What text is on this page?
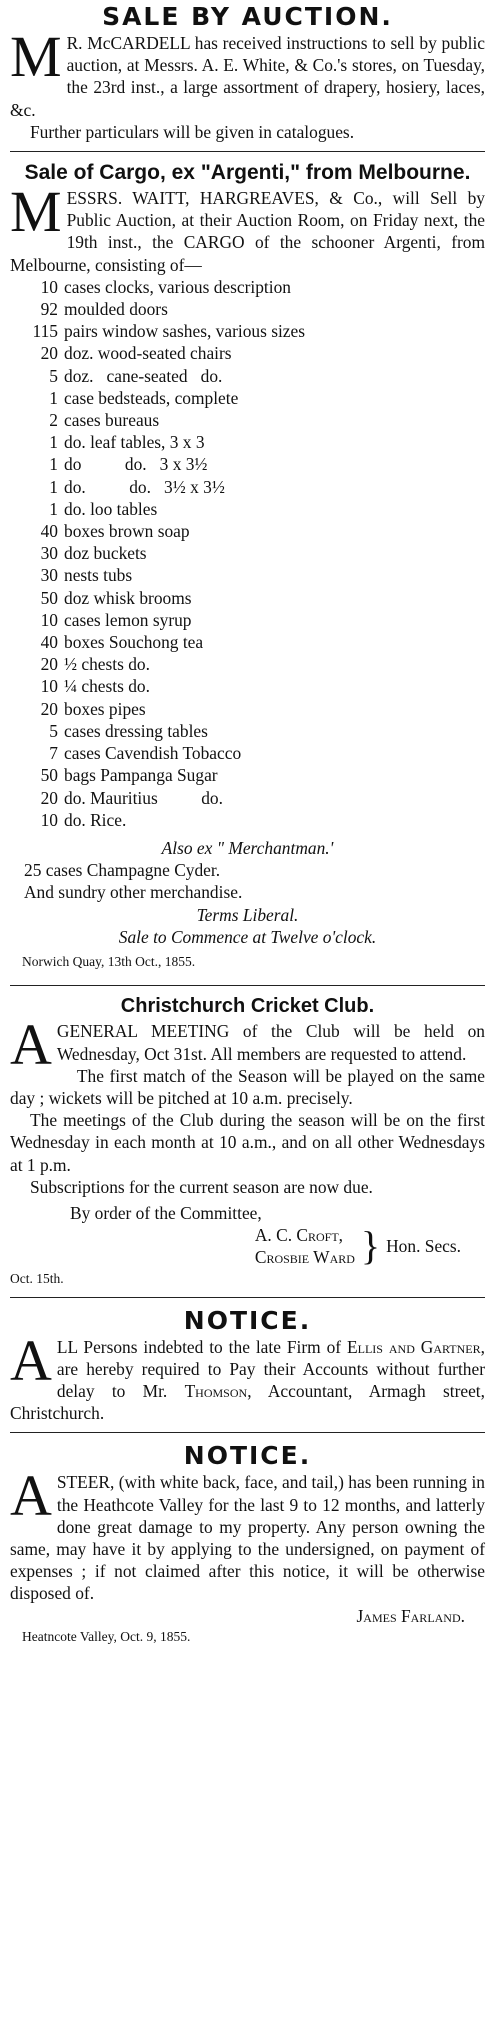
SALE BY AUCTION.

M R. McCARDELL has received instructions to sell by public auction, at Messrs. A. E. White, & Co.'s stores, on Tuesday, the 23rd inst., a large assortment of drapery, hosiery, laces, &c.

Further particulars will be given in catalogues.

Sale of Cargo, ex "Argenti," from Melbourne.

MESSRS. WAITT, HARGREAVES, & Co., will Sell by Public Auction, at their Auction Room, on Friday next, the 19th inst., the CARGO of the schooner Argenti, from Melbourne, consisting of—

10 cases clocks, various description
92 moulded doors
115 pairs window sashes, various sizes
20 doz. wood-seated chairs
5 doz.   cane-seated   do.
1 case bedsteads, complete
2 cases bureaus
1 do. leaf tables, 3 x 3
1 do          do.   3 x 3½
1 do.          do.   3½ x 3½
1 do. loo tables
40 boxes brown soap
30 doz buckets
30 nests tubs
50 doz whisk brooms
10 cases lemon syrup
40 boxes Souchong tea
20 ½ chests do.
10 ¼ chests do.
20 boxes pipes
5 cases dressing tables
7 cases Cavendish Tobacco
50 bags Pampanga Sugar
20 do. Mauritius          do.
10 do. Rice.

Also ex " Merchantman.'

25 cases Champagne Cyder.
And sundry other merchandise.

Terms Liberal.

Sale to Commence at Twelve o'clock.

Norwich Quay, 13th Oct., 1855.

Christchurch Cricket Club.

AGENERAL MEETING of the Club will be held on Wednesday, Oct 31st. All members are requested to attend.

The first match of the Season will be played on the same day ; wickets will be pitched at 10 a.m. precisely.

The meetings of the Club during the season will be on the first Wednesday in each month at 10 a.m., and on all other Wednesdays at 1 p.m.

Subscriptions for the current season are now due.

By order of the Committee,

A. C. Croft,
Crosbie Ward } Hon. Secs.

Oct. 15th.

NOTICE.

ALL Persons indebted to the late Firm of Ellis and Gartner, are hereby required to Pay their Accounts without further delay to Mr. Thomson, Accountant, Armagh street, Christchurch.

NOTICE.

ASTEER, (with white back, face, and tail,) has been running in the Heathcote Valley for the last 9 to 12 months, and latterly done great damage to my property. Any person owning the same, may have it by applying to the undersigned, on payment of expenses ; if not claimed after this notice, it will be otherwise disposed of.

James Farland.

Heatncote Valley, Oct. 9, 1855.
